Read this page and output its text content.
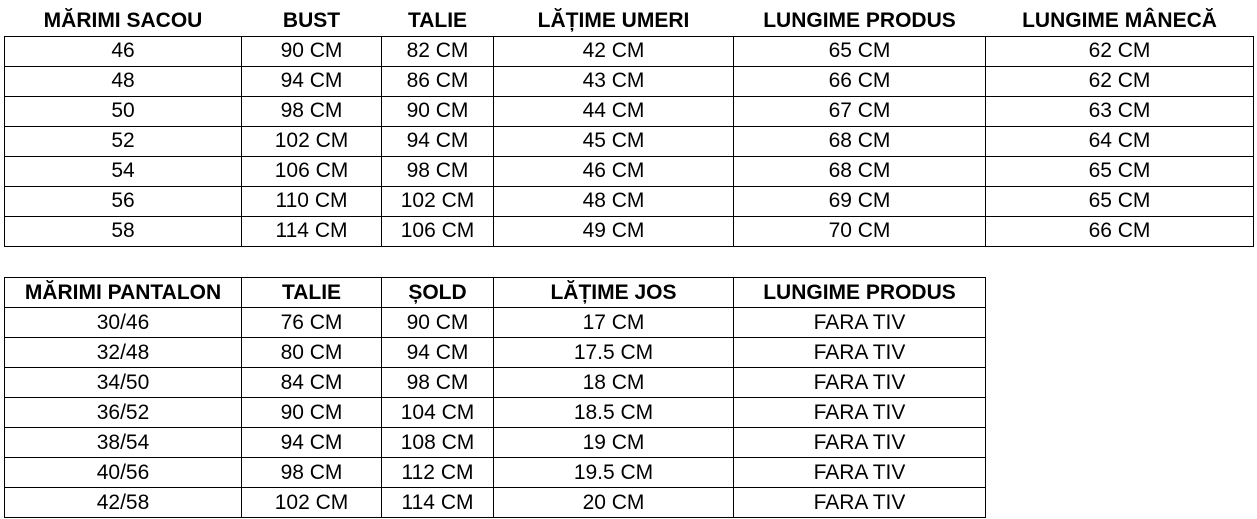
MĂRIMI SACOU	BUST	TALIE	LĂȚIME UMERI	LUNGIME PRODUS	LUNGIME MÂNECĂ
46	90 CM	82 CM	42 CM	65 CM	62 CM
48	94 CM	86 CM	43 CM	66 CM	62 CM
50	98 CM	90 CM	44 CM	67 CM	63 CM
52	102 CM	94 CM	45 CM	68 CM	64 CM
54	106 CM	98 CM	46 CM	68 CM	65 CM
56	110 CM	102 CM	48 CM	69 CM	65 CM
58	114 CM	106 CM	49 CM	70 CM	66 CM
MĂRIMI PANTALON	TALIE	ȘOLD	LĂȚIME JOS	LUNGIME PRODUS
30/46	76 CM	90 CM	17 CM	FARA TIV
32/48	80 CM	94 CM	17.5 CM	FARA TIV
34/50	84 CM	98 CM	18 CM	FARA TIV
36/52	90 CM	104 CM	18.5 CM	FARA TIV
38/54	94 CM	108 CM	19 CM	FARA TIV
40/56	98 CM	112 CM	19.5 CM	FARA TIV
42/58	102 CM	114 CM	20 CM	FARA TIV
